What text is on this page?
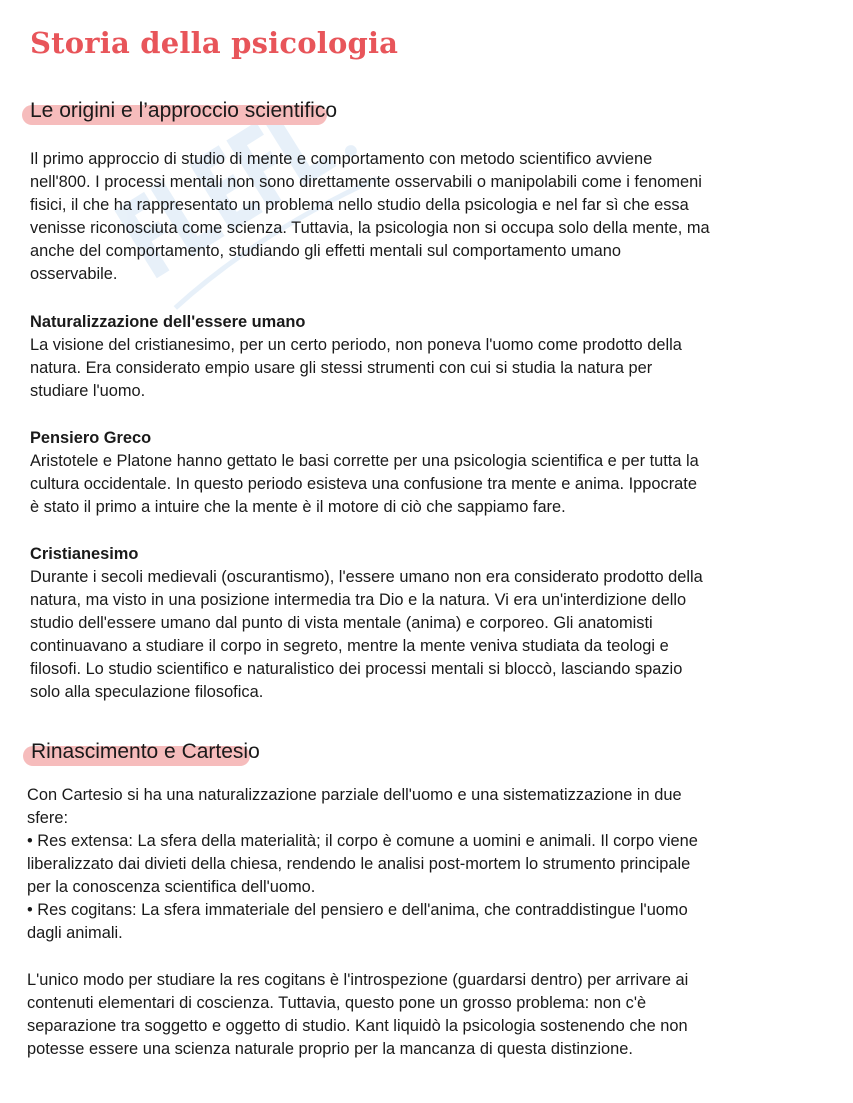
Storia della psicologia
Le origini e l’approccio scientifico

Il primo approccio di studio di mente e comportamento con metodo scientifico avviene
nell'800. I processi mentali non sono direttamente osservabili o manipolabili come i fenomeni
fisici, il che ha rappresentato un problema nello studio della psicologia e nel far sì che essa
venisse riconosciuta come scienza. Tuttavia, la psicologia non si occupa solo della mente, ma
anche del comportamento, studiando gli effetti mentali sul comportamento umano
osservabile.

Naturalizzazione dell'essere umano
La visione del cristianesimo, per un certo periodo, non poneva l'uomo come prodotto della
natura. Era considerato empio usare gli stessi strumenti con cui si studia la natura per
studiare l'uomo.

Pensiero Greco
Aristotele e Platone hanno gettato le basi corrette per una psicologia scientifica e per tutta la
cultura occidentale. In questo periodo esisteva una confusione tra mente e anima. Ippocrate
è stato il primo a intuire che la mente è il motore di ciò che sappiamo fare.

Cristianesimo
Durante i secoli medievali (oscurantismo), l'essere umano non era considerato prodotto della
natura, ma visto in una posizione intermedia tra Dio e la natura. Vi era un'interdizione dello
studio dell'essere umano dal punto di vista mentale (anima) e corporeo. Gli anatomisti
continuavano a studiare il corpo in segreto, mentre la mente veniva studiata da teologi e
filosofi. Lo studio scientifico e naturalistico dei processi mentali si bloccò, lasciando spazio
solo alla speculazione filosofica.

Rinascimento e Cartesio

Con Cartesio si ha una naturalizzazione parziale dell'uomo e una sistematizzazione in due
sfere:
• Res extensa: La sfera della materialità; il corpo è comune a uomini e animali. Il corpo viene
liberalizzato dai divieti della chiesa, rendendo le analisi post-mortem lo strumento principale
per la conoscenza scientifica dell'uomo.
• Res cogitans: La sfera immateriale del pensiero e dell'anima, che contraddistingue l'uomo
dagli animali.

L'unico modo per studiare la res cogitans è l'introspezione (guardarsi dentro) per arrivare ai
contenuti elementari di coscienza. Tuttavia, questo pone un grosso problema: non c'è
separazione tra soggetto e oggetto di studio. Kant liquidò la psicologia sostenendo che non
potesse essere una scienza naturale proprio per la mancanza di questa distinzione.
